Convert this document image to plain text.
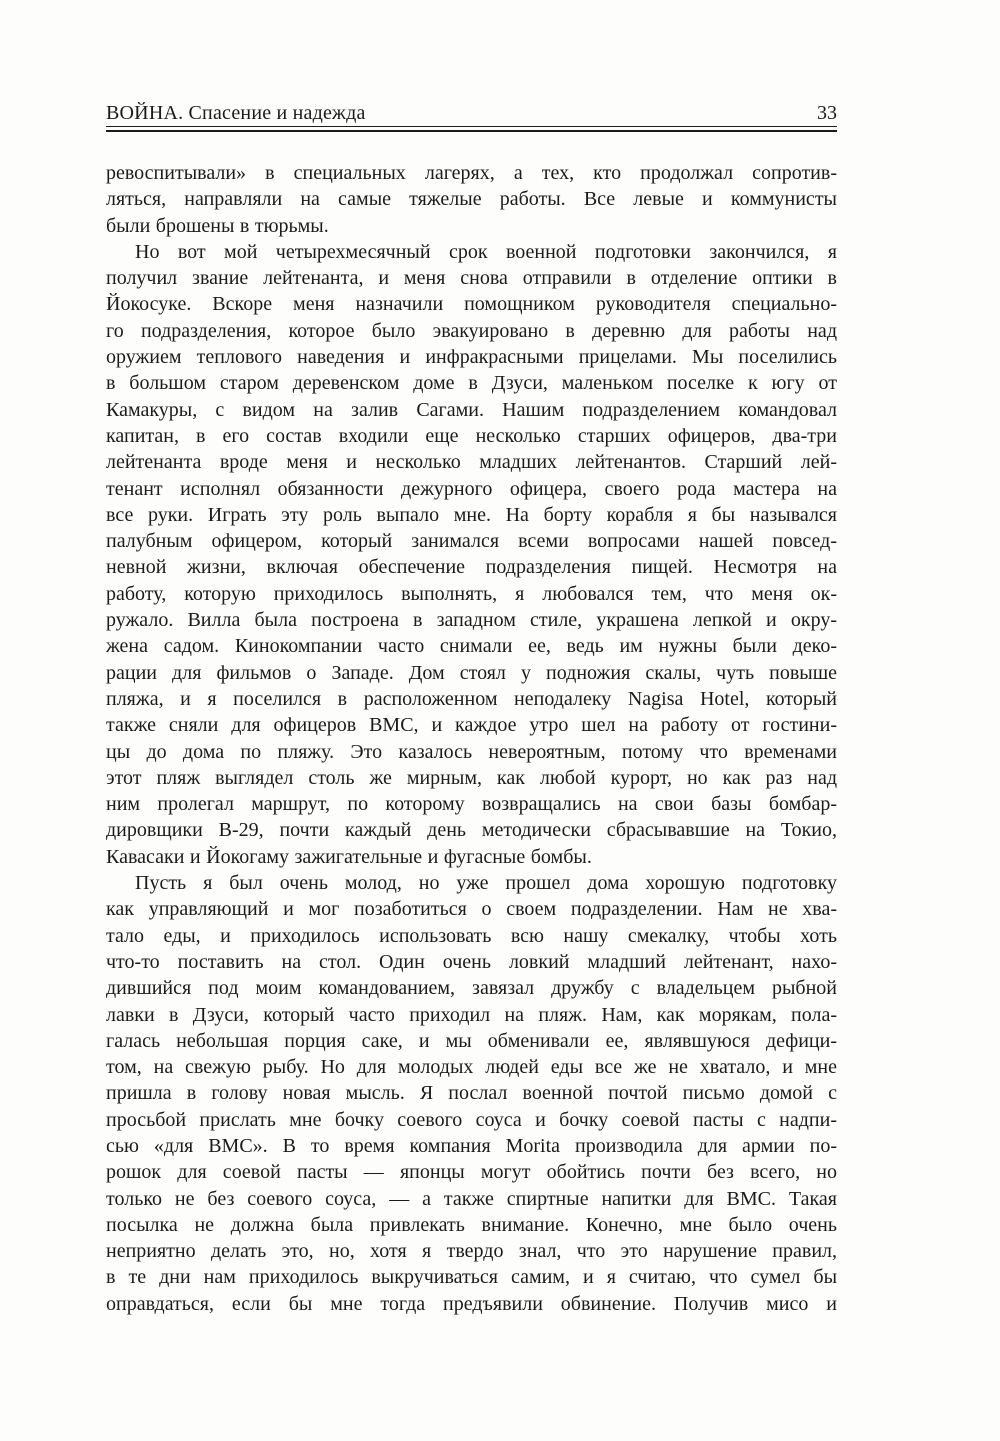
ВОЙНА. Спасение и надежда	33
ревоспитывали» в специальных лагерях, а тех, кто продолжал сопротив-
ляться, направляли на самые тяжелые работы. Все левые и коммунисты
были брошены в тюрьмы.
Но вот мой четырехмесячный срок военной подготовки закончился, я
получил звание лейтенанта, и меня снова отправили в отделение оптики в
Йокосуке. Вскоре меня назначили помощником руководителя специально-
го подразделения, которое было эвакуировано в деревню для работы над
оружием теплового наведения и инфракрасными прицелами. Мы поселились
в большом старом деревенском доме в Дзуси, маленьком поселке к югу от
Камакуры, с видом на залив Сагами. Нашим подразделением командовал
капитан, в его состав входили еще несколько старших офицеров, два-три
лейтенанта вроде меня и несколько младших лейтенантов. Старший лей-
тенант исполнял обязанности дежурного офицера, своего рода мастера на
все руки. Играть эту роль выпало мне. На борту корабля я бы назывался
палубным офицером, который занимался всеми вопросами нашей повсед-
невной жизни, включая обеспечение подразделения пищей. Несмотря на
работу, которую приходилось выполнять, я любовался тем, что меня ок-
ружало. Вилла была построена в западном стиле, украшена лепкой и окру-
жена садом. Кинокомпании часто снимали ее, ведь им нужны были деко-
рации для фильмов о Западе. Дом стоял у подножия скалы, чуть повыше
пляжа, и я поселился в расположенном неподалеку Nagisa Hotel, который
также сняли для офицеров ВМС, и каждое утро шел на работу от гостини-
цы до дома по пляжу. Это казалось невероятным, потому что временами
этот пляж выглядел столь же мирным, как любой курорт, но как раз над
ним пролегал маршрут, по которому возвращались на свои базы бомбар-
дировщики В-29, почти каждый день методически сбрасывавшие на Токио,
Кавасаки и Йокогаму зажигательные и фугасные бомбы.
Пусть я был очень молод, но уже прошел дома хорошую подготовку
как управляющий и мог позаботиться о своем подразделении. Нам не хва-
тало еды, и приходилось использовать всю нашу смекалку, чтобы хоть
что-то поставить на стол. Один очень ловкий младший лейтенант, нахо-
дившийся под моим командованием, завязал дружбу с владельцем рыбной
лавки в Дзуси, который часто приходил на пляж. Нам, как морякам, пола-
галась небольшая порция саке, и мы обменивали ее, являвшуюся дефици-
том, на свежую рыбу. Но для молодых людей еды все же не хватало, и мне
пришла в голову новая мысль. Я послал военной почтой письмо домой с
просьбой прислать мне бочку соевого соуса и бочку соевой пасты с надпи-
сью «для ВМС». В то время компания Morita производила для армии по-
рошок для соевой пасты — японцы могут обойтись почти без всего, но
только не без соевого соуса, — а также спиртные напитки для ВМС. Такая
посылка не должна была привлекать внимание. Конечно, мне было очень
неприятно делать это, но, хотя я твердо знал, что это нарушение правил,
в те дни нам приходилось выкручиваться самим, и я считаю, что сумел бы
оправдаться, если бы мне тогда предъявили обвинение. Получив мисо и
